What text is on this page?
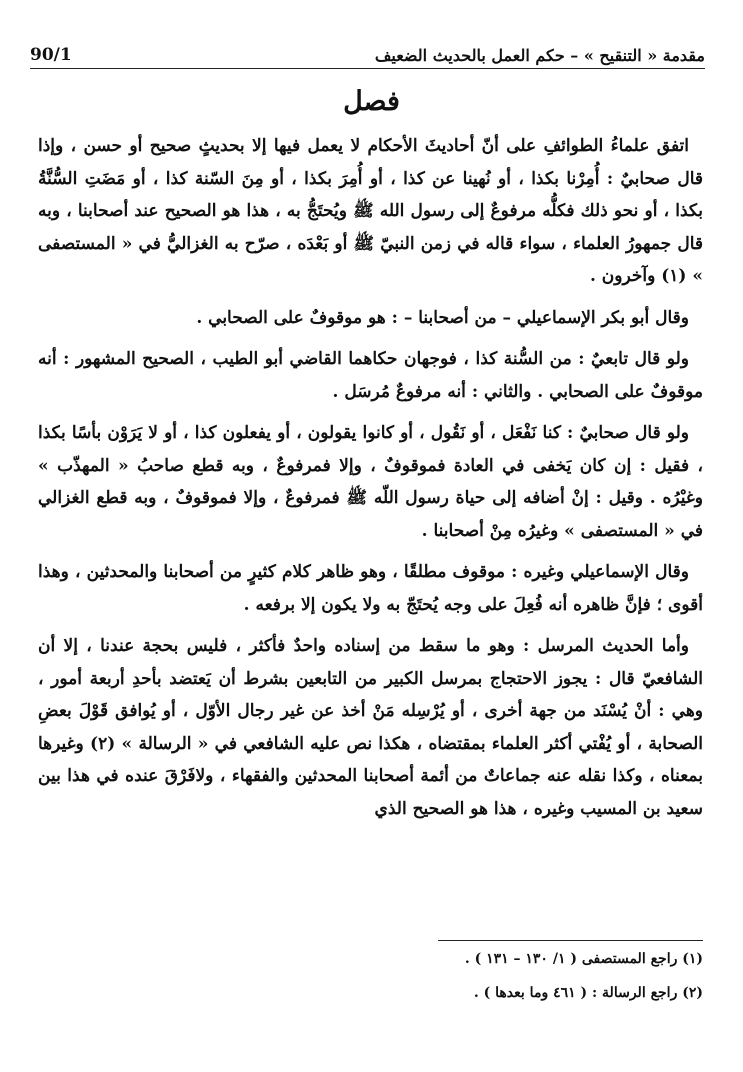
مقدمة « التنقيح » – حكم العمل بالحديث الضعيف
90/1
فصل

اتفق علماءُ الطوائفِ على أنّ أحاديثَ الأحكام لا يعمل فيها إلا بحديثٍ صحيح أو حسن ، وإذا قال صحابيٌ : أُمِرْنا بكذا ، أو نُهينا عن كذا ، أو أُمِرَ بكذا ، أو مِنَ السّنة كذا ، أو مَضَتِ السُّنَّةُ بكذا ، أو نحو ذلك فكلُّه مرفوعٌ إلى رسول الله ﷺ ويُحتَجُّ به ، هذا هو الصحيح عند أصحابنا ، وبه قال جمهورُ العلماء ، سواء قاله في زمن النبيّ ﷺ أو بَعْدَه ، صرّح به الغزاليُّ في « المستصفى » (١) وآخرون .

وقال أبو بكر الإسماعيلي – من أصحابنا – : هو موقوفٌ على الصحابي .

ولو قال تابعيٌ : من السُّنة كذا ، فوجهان حكاهما القاضي أبو الطيب ، الصحيح المشهور : أنه موقوفٌ على الصحابي . والثاني : أنه مرفوعٌ مُرسَل .

ولو قال صحابيٌ : كنا نَفْعَل ، أو نَقُول ، أو كانوا يقولون ، أو يفعلون كذا ، أو لا يَرَوْن بأسًا بكذا ، فقيل : إن كان يَخفى في العادة فموقوفٌ ، وإلا فمرفوعٌ ، وبه قطع صاحبُ « المهذّب » وغيْرُه . وقيل : إنْ أضافه إلى حياة رسول اللّه ﷺ فمرفوعٌ ، وإلا فموقوفٌ ، وبه قطع الغزالي في « المستصفى » وغيرُه مِنْ أصحابنا .

وقال الإسماعيلي وغيره : موقوف مطلقًا ، وهو ظاهر كلام كثيرٍ من أصحابنا والمحدثين ، وهذا أقوى ؛ فإنَّ ظاهره أنه فُعِلَ على وجه يُحتَجّ به ولا يكون إلا برفعه .

وأما الحديث المرسل : وهو ما سقط من إسناده واحدٌ فأكثر ، فليس بحجة عندنا ، إلا أن الشافعيّ قال : يجوز الاحتجاج بمرسل الكبير من التابعين بشرط أن يَعتضد بأحدِ أربعة أمور ، وهي : أنْ يُسْنَد من جهة أخرى ، أو يُرْسِله مَنْ أخذ عن غير رجال الأوّل ، أو يُوافق قَوْلَ بعضِ الصحابة ، أو يُفْتي أكثر العلماء بمقتضاه ، هكذا نص عليه الشافعي في « الرسالة » (٢) وغيرها بمعناه ، وكذا نقله عنه جماعاتٌ من أئمة أصحابنا المحدثين والفقهاء ، ولافَرْقَ عنده في هذا بين سعيد بن المسيب وغيره ، هذا هو الصحيح الذي

(١) راجع المستصفى ( ١/ ١٣٠ – ١٣١ ) .
(٢) راجع الرسالة : ( ٤٦١ وما بعدها ) .
